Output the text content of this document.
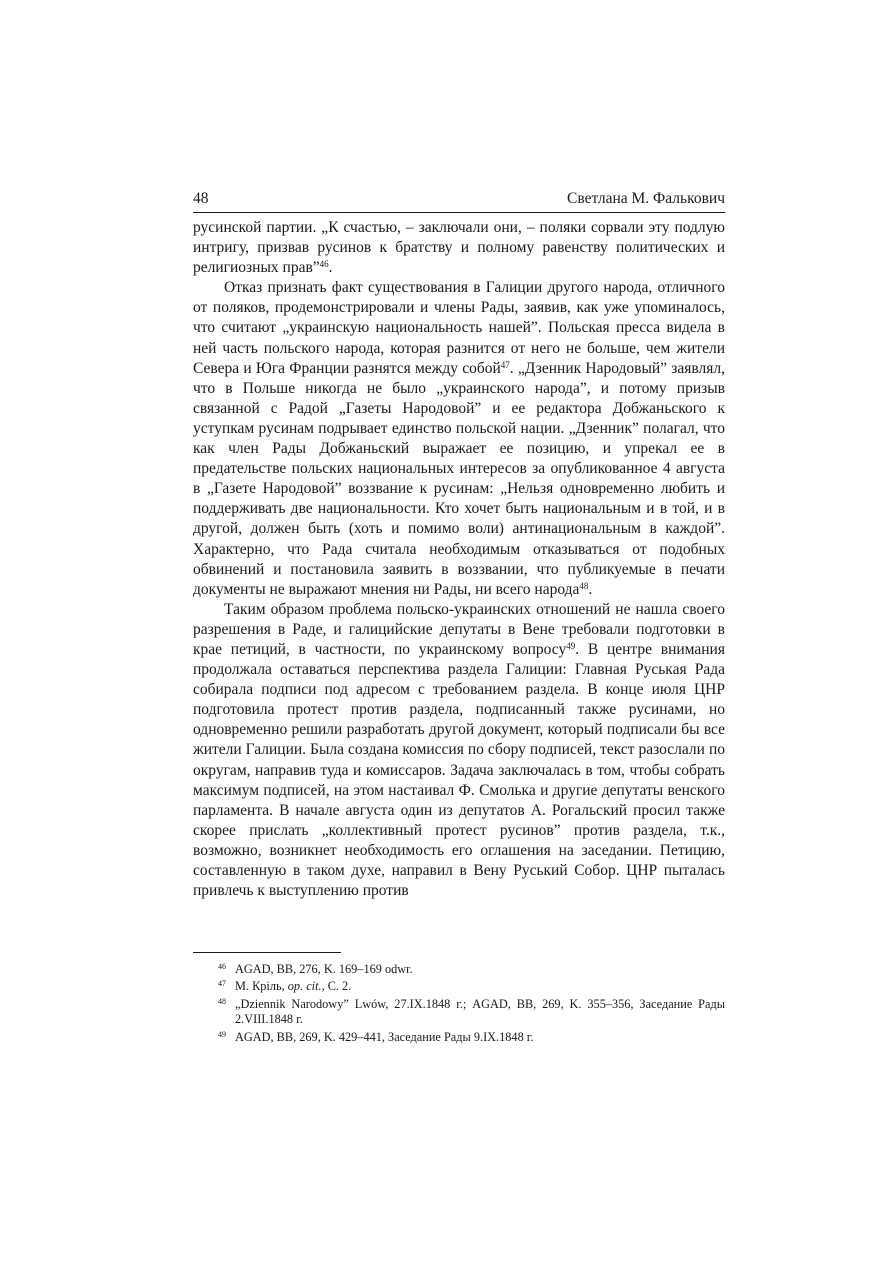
48	Светлана М. Фалькович

русинской партии. „К счастью, – заключали они, – поляки сорвали эту подлую интригу, призвав русинов к братству и полному равенству политических и религиозных прав”$^{46}$.

Отказ признать факт существования в Галиции другого народа, отличного от поляков, продемонстрировали и члены Рады, заявив, как уже упоминалось, что считают „украинскую национальность нашей”. Польская пресса видела в ней часть польского народа, которая разнится от него не больше, чем жители Севера и Юга Франции разнятся между собой$^{47}$. „Дзенник Народовый” заявлял, что в Польше никогда не было „украинского народа”, и потому призыв связанной с Радой „Газеты Народовой” и ее редактора Добжаньского к уступкам русинам подрывает единство польской нации. „Дзенник” полагал, что как член Рады Добжаньский выражает ее позицию, и упрекал ее в предательстве польских национальных интересов за опубликованное 4 августа в „Газете Народовой” воззвание к русинам: „Нельзя одновременно любить и поддерживать две национальности. Кто хочет быть национальным и в той, и в другой, должен быть (хоть и помимо воли) антинациональным в каждой”. Характерно, что Рада считала необходимым отказываться от подобных обвинений и постановила заявить в воззвании, что публикуемые в печати документы не выражают мнения ни Рады, ни всего народа$^{48}$.

Таким образом проблема польско-украинских отношений не нашла своего разрешения в Раде, и галицийские депутаты в Вене требовали подготовки в крае петиций, в частности, по украинскому вопросу$^{49}$. В центре внимания продолжала оставаться перспектива раздела Галиции: Главная Руськая Рада собирала подписи под адресом с требованием раздела. В конце июля ЦНР подготовила протест против раздела, подписанный также русинами, но одновременно решили разработать другой документ, который подписали бы все жители Галиции. Была создана комиссия по сбору подписей, текст разослали по округам, направив туда и комиссаров. Задача заключалась в том, чтобы собрать максимум подписей, на этом настаивал Ф. Смолька и другие депутаты венского парламента. В начале августа один из депутатов А. Рогальский просил также скорее прислать „коллективный протест русинов” против раздела, т.к., возможно, возникнет необходимость его оглашения на заседании. Петицию, составленную в таком духе, направил в Вену Руський Собор. ЦНР пыталась привлечь к выступлению против

$^{46}$ AGAD, BB, 276, K. 169–169 odwr.
$^{47}$ М. Кріль, op. cit., С. 2.
$^{48}$ „Dziennik Narodowy” Lwów, 27.IX.1848 г.; AGAD, BB, 269, K. 355–356, Заседание Рады 2.VIII.1848 г.
$^{49}$ AGAD, BB, 269, K. 429–441, Заседание Рады 9.IX.1848 г.
